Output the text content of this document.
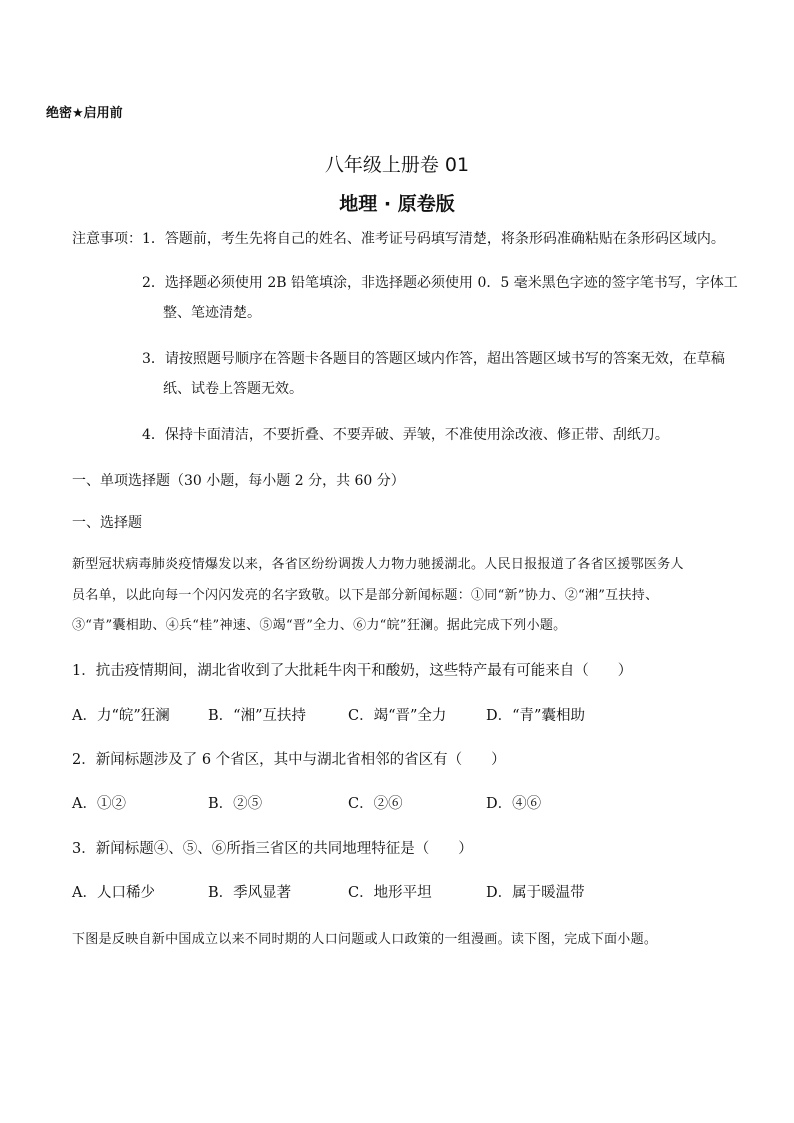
绝密★启用前
八年级上册卷 01
地理 · 原卷版
注意事项： 1．答题前，考生先将自己的姓名、准考证号码填写清楚，将条形码准确粘贴在条形码区域内。
2．选择题必须使用 2B 铅笔填涂，非选择题必须使用 0．5 毫米黑色字迹的签字笔书写，字体工
整、笔迹清楚。
3．请按照题号顺序在答题卡各题目的答题区域内作答，超出答题区域书写的答案无效，在草稿
纸、试卷上答题无效。
4．保持卡面清洁，不要折叠、不要弄破、弄皱，不准使用涂改液、修正带、刮纸刀。
一、单项选择题（30 小题，每小题 2 分，共 60 分）
一、选择题
新型冠状病毒肺炎疫情爆发以来，各省区纷纷调拨人力物力驰援湖北。人民日报报道了各省区援鄂医务人
员名单，以此向每一个闪闪发亮的名字致敬。以下是部分新闻标题：①同“新”协力、②“湘”互扶持、
③“青”囊相助、④兵“桂”神速、⑤竭“晋”全力、⑥力“皖”狂澜。据此完成下列小题。
1．抗击疫情期间，湖北省收到了大批耗牛肉干和酸奶，这些特产最有可能来自（　　）
A．力“皖”狂澜	B．“湘”互扶持	C．竭“晋”全力	D．“青”囊相助
2．新闻标题涉及了 6 个省区，其中与湖北省相邻的省区有（　　）
A．①②	B．②⑤	C．②⑥	D．④⑥
3．新闻标题④、⑤、⑥所指三省区的共同地理特征是（　　）
A．人口稀少	B．季风显著	C．地形平坦	D．属于暖温带
下图是反映自新中国成立以来不同时期的人口问题或人口政策的一组漫画。读下图，完成下面小题。
